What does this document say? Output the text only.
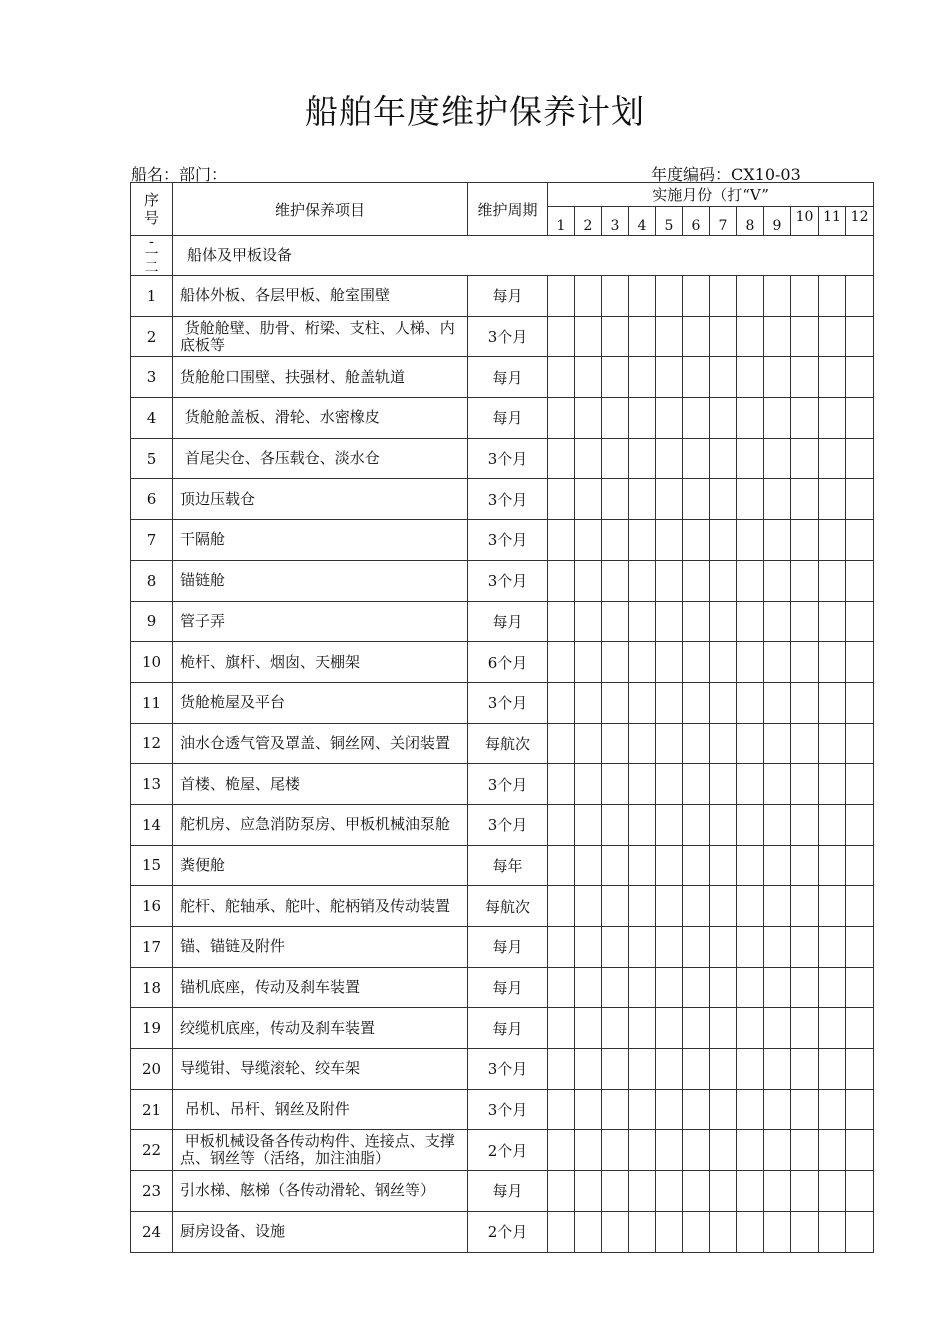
船舶年度维护保养计划
船名：部门：	年度编码：CX10-03
序号	维护保养项目	维护周期	实施月份（打“V”											
			1	2	3	4	5	6	7	8	9	10	11	12

-一二	船体及甲板设备													
1	船体外板、各层甲板、舱室围壁	每月												
2	货舱舱壁、肋骨、桁梁、支柱、人梯、内底板等	3个月												
3	货舱舱口围壁、扶强材、舱盖轨道	每月												
4	货舱舱盖板、滑轮、水密橡皮	每月												
5	首尾尖仓、各压载仓、淡水仓	3个月												
6	顶边压载仓	3个月												
7	干隔舱	3个月												
8	锚链舱	3个月												
9	管子弄	每月												
10	桅杆、旗杆、烟囱、天棚架	6个月												
11	货舱桅屋及平台	3个月												
12	油水仓透气管及罩盖、铜丝网、关闭装置	每航次												
13	首楼、桅屋、尾楼	3个月												
14	舵机房、应急消防泵房、甲板机械油泵舱	3个月												
15	粪便舱	每年												
16	舵杆、舵轴承、舵叶、舵柄销及传动装置	每航次												
17	锚、锚链及附件	每月												
18	锚机底座，传动及刹车装置	每月												
19	绞缆机底座，传动及刹车装置	每月												
20	导缆钳、导缆滚轮、绞车架	3个月												
21	吊机、吊杆、钢丝及附件	3个月												
22	甲板机械设备各传动构件、连接点、支撑点、钢丝等（活络，加注油脂）	2个月												
23	引水梯、舷梯（各传动滑轮、钢丝等）	每月												
24	厨房设备、设施	2个月												
